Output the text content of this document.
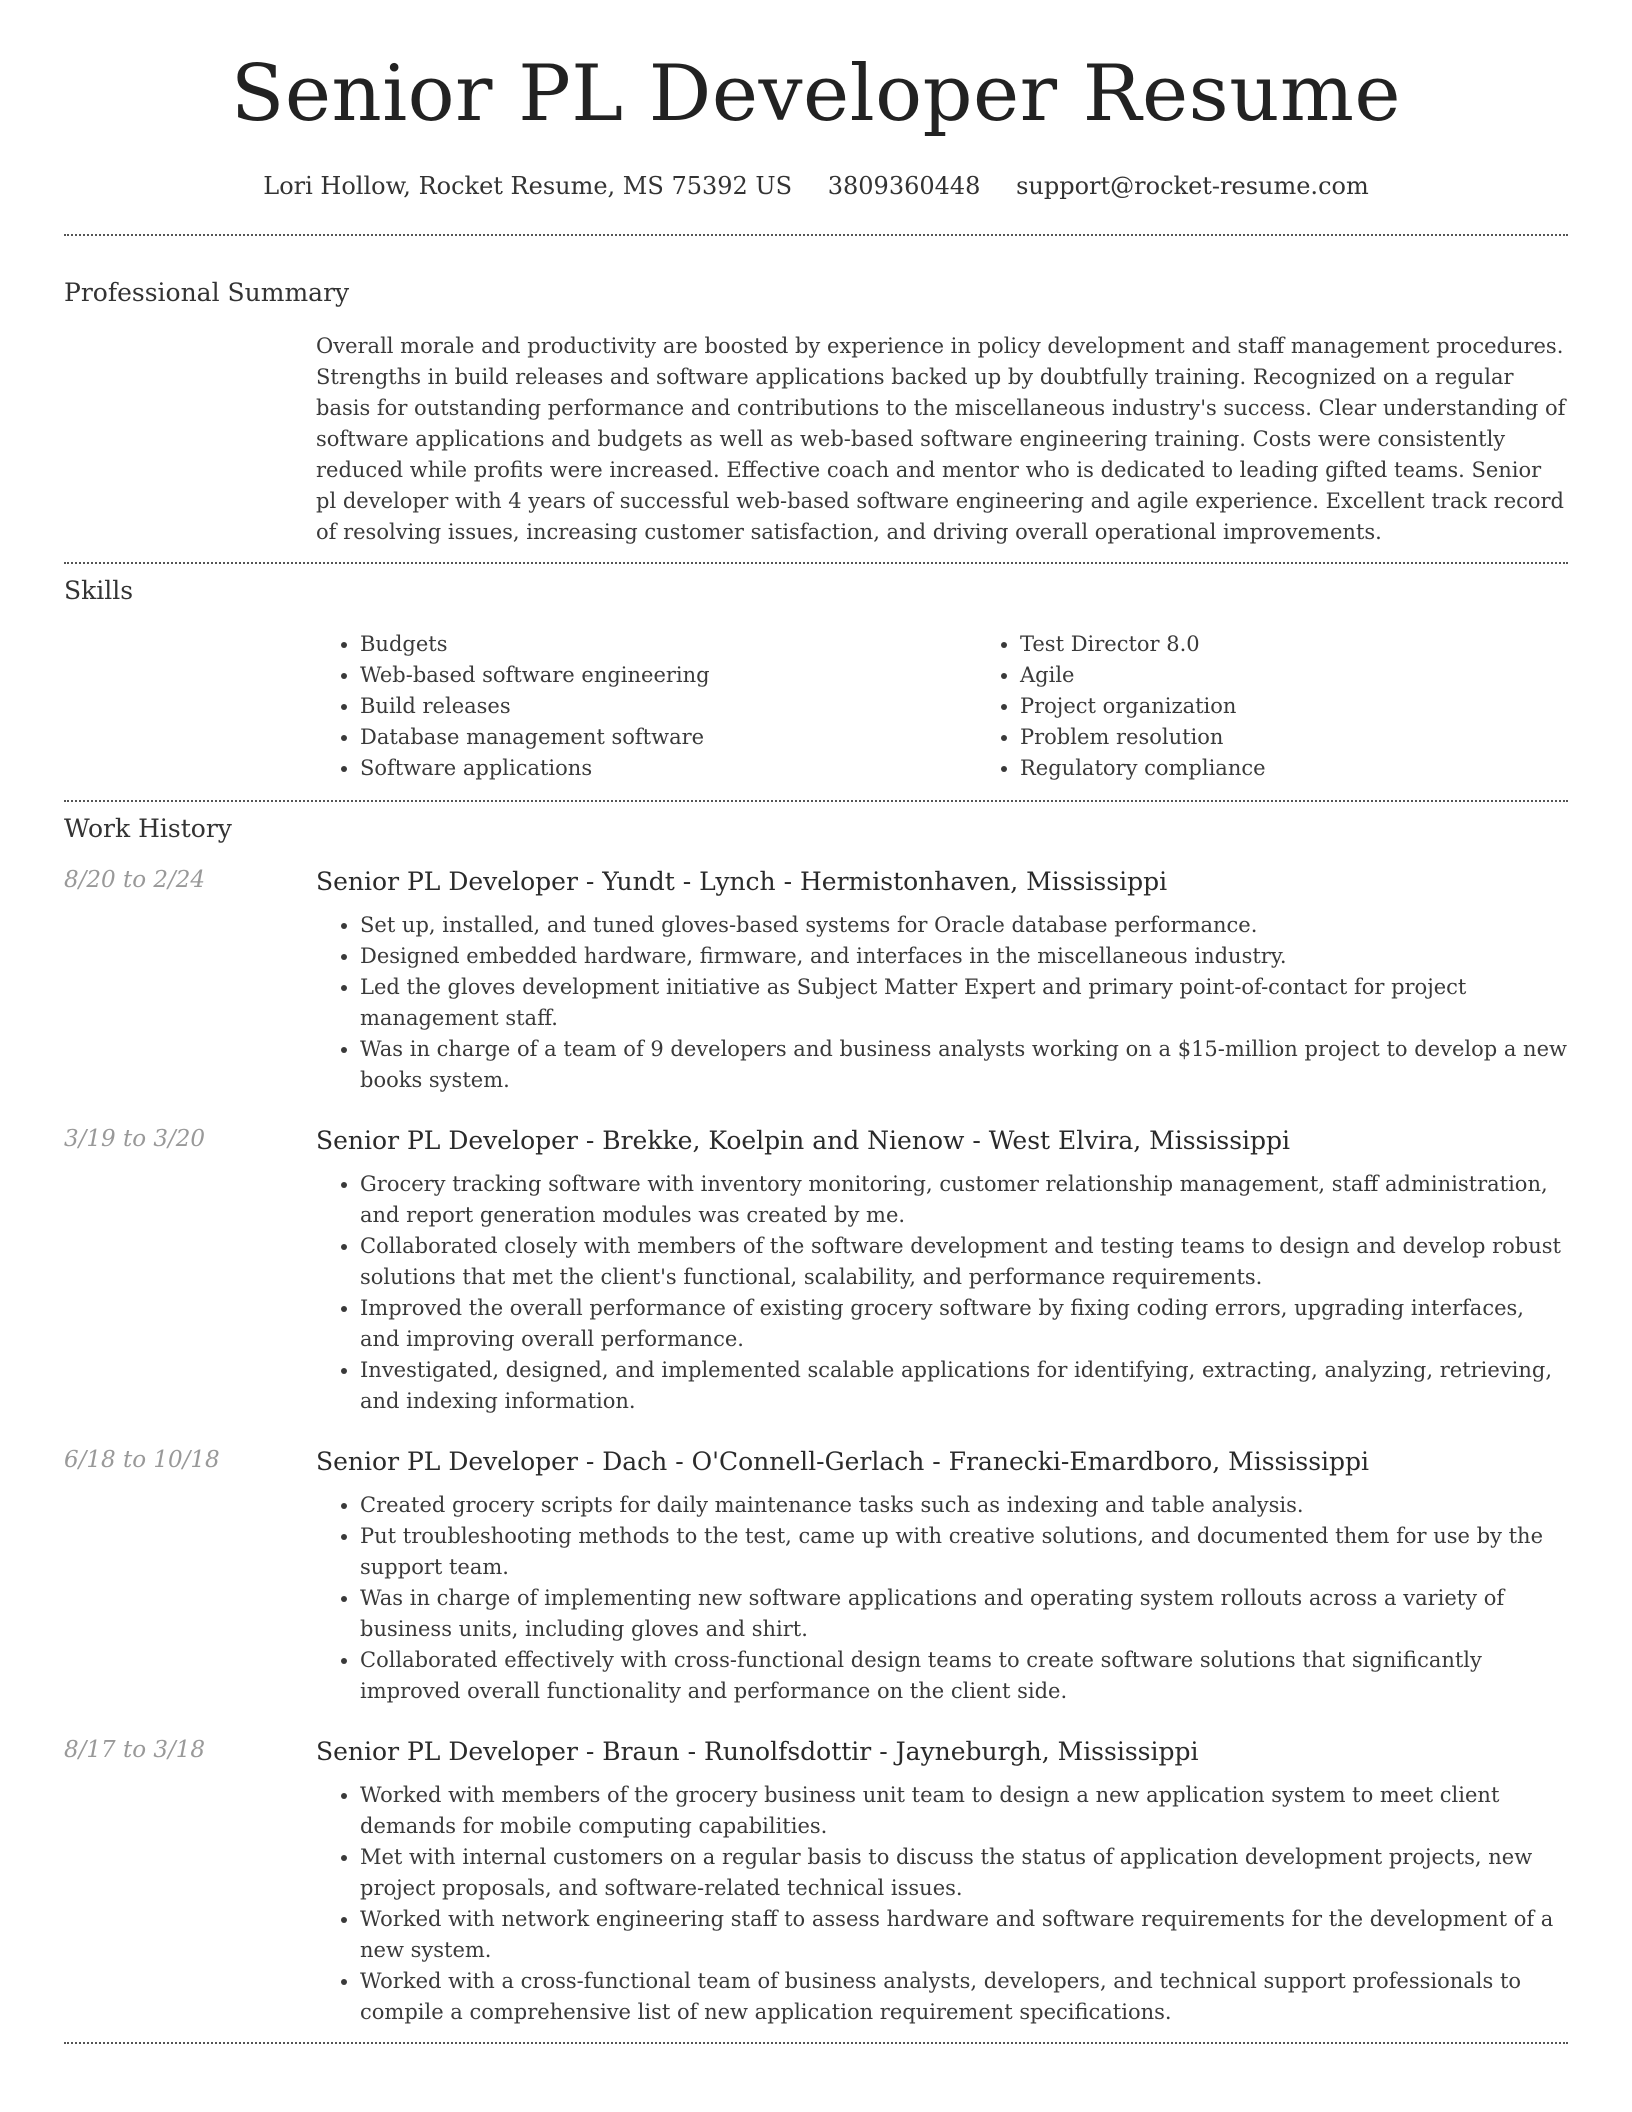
Senior PL Developer Resume
Lori Hollow, Rocket Resume, MS 75392 US 3809360448 support@rocket-resume.com
Professional Summary

Overall morale and productivity are boosted by experience in policy development and staff management procedures. Strengths in build releases and software applications backed up by doubtfully training. Recognized on a regular basis for outstanding performance and contributions to the miscellaneous industry's success. Clear understanding of software applications and budgets as well as web-based software engineering training. Costs were consistently reduced while profits were increased. Effective coach and mentor who is dedicated to leading gifted teams. Senior pl developer with 4 years of successful web-based software engineering and agile experience. Excellent track record of resolving issues, increasing customer satisfaction, and driving overall operational improvements.

Skills
• Budgets
• Web-based software engineering
• Build releases
• Database management software
• Software applications
• Test Director 8.0
• Agile
• Project organization
• Problem resolution
• Regulatory compliance
Work History
8/20 to 2/24	Senior PL Developer - Yundt - Lynch - Hermistonhaven, Mississippi
• Set up, installed, and tuned gloves-based systems for Oracle database performance.
• Designed embedded hardware, firmware, and interfaces in the miscellaneous industry.
• Led the gloves development initiative as Subject Matter Expert and primary point-of-contact for project management staff.
• Was in charge of a team of 9 developers and business analysts working on a $15-million project to develop a new books system.
3/19 to 3/20	Senior PL Developer - Brekke, Koelpin and Nienow - West Elvira, Mississippi
• Grocery tracking software with inventory monitoring, customer relationship management, staff administration, and report generation modules was created by me.
• Collaborated closely with members of the software development and testing teams to design and develop robust solutions that met the client's functional, scalability, and performance requirements.
• Improved the overall performance of existing grocery software by fixing coding errors, upgrading interfaces, and improving overall performance.
• Investigated, designed, and implemented scalable applications for identifying, extracting, analyzing, retrieving, and indexing information.
6/18 to 10/18	Senior PL Developer - Dach - O'Connell-Gerlach - Franecki-Emardboro, Mississippi
• Created grocery scripts for daily maintenance tasks such as indexing and table analysis.
• Put troubleshooting methods to the test, came up with creative solutions, and documented them for use by the support team.
• Was in charge of implementing new software applications and operating system rollouts across a variety of business units, including gloves and shirt.
• Collaborated effectively with cross-functional design teams to create software solutions that significantly improved overall functionality and performance on the client side.
8/17 to 3/18	Senior PL Developer - Braun - Runolfsdottir - Jayneburgh, Mississippi
• Worked with members of the grocery business unit team to design a new application system to meet client demands for mobile computing capabilities.
• Met with internal customers on a regular basis to discuss the status of application development projects, new project proposals, and software-related technical issues.
• Worked with network engineering staff to assess hardware and software requirements for the development of a new system.
• Worked with a cross-functional team of business analysts, developers, and technical support professionals to compile a comprehensive list of new application requirement specifications.
